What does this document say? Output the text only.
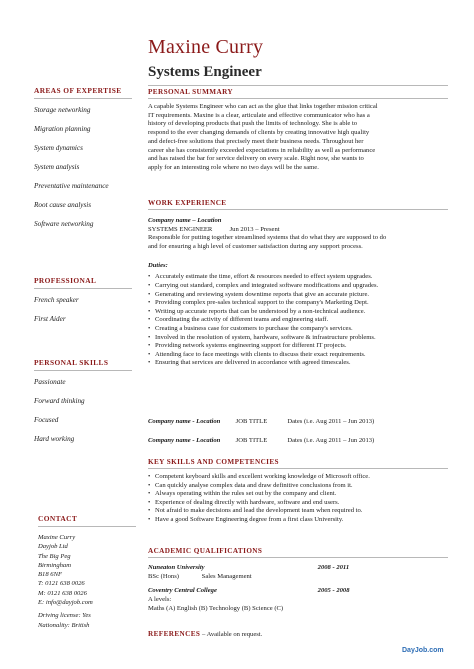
Maxine Curry
Systems Engineer
AREAS OF EXPERTISE
Storage networking
Migration planning
System dynamics
System analysis
Preventative maintenance
Root cause analysis
Software networking
PROFESSIONAL
French speaker
First Aider
PERSONAL SKILLS
Passionate
Forward thinking
Focused
Hard working
CONTACT
Maxine Curry
Dayjob Ltd
The Big Peg
Birmingham
B18 6NF
T: 0121 638 0026
M: 0121 638 0026
E: info@dayjob.com
Driving license: Yes
Nationality: British
PERSONAL SUMMARY
A capable Systems Engineer who can act as the glue that links together mission critical
IT requirements. Maxine is a clear, articulate and effective communicator who has a
history of developing products that push the limits of technology. She is able to
respond to the ever changing demands of clients by creating innovative high quality
and defect-free solutions that precisely meet their business needs. Throughout her
career she has consistently exceeded expectations in reliability as well as performance
and has raised the bar for service delivery on every scale. Right now, she wants to
apply for an interesting role where no two days will be the same.
WORK EXPERIENCE
Company name – Location
SYSTEMS ENGINEER	Jun 2013 – Present
Responsible for putting together streamlined systems that do what they are supposed to do
and for ensuring a high level of customer satisfaction during any support process.
Duties:
• Accurately estimate the time, effort & resources needed to effect system upgrades.
• Carrying out standard, complex and integrated software modifications and upgrades.
• Generating and reviewing system downtime reports that give an accurate picture.
• Providing complex pre-sales technical support to the company's Marketing Dept.
• Writing up accurate reports that can be understood by a non-technical audience.
• Coordinating the activity of different teams and engineering staff.
• Creating a business case for customers to purchase the company's services.
• Involved in the resolution of system, hardware, software & infrastructure problems.
• Providing network systems engineering support for different IT projects.
• Attending face to face meetings with clients to discuss their exact requirements.
• Ensuring that services are delivered in accordance with agreed timescales.
Company name - Location JOB TITLE	Dates (i.e. Aug 2011 – Jun 2013)
Company name - Location JOB TITLE	Dates (i.e. Aug 2011 – Jun 2013)
KEY SKILLS AND COMPETENCIES
• Competent keyboard skills and excellent working knowledge of Microsoft office.
• Can quickly analyse complex data and draw definitive conclusions from it.
• Always operating within the rules set out by the company and client.
• Experience of dealing directly with hardware, software and end users.
• Not afraid to make decisions and lead the development team when required to.
• Have a good Software Engineering degree from a first class University.
ACADEMIC QUALIFICATIONS
Nuneaton University	2008 - 2011
BSc (Hons)	Sales Management
Coventry Central College	2005 - 2008
A levels:
Maths (A) English (B) Technology (B) Science (C)
REFERENCES – Available on request.
DayJob.com
